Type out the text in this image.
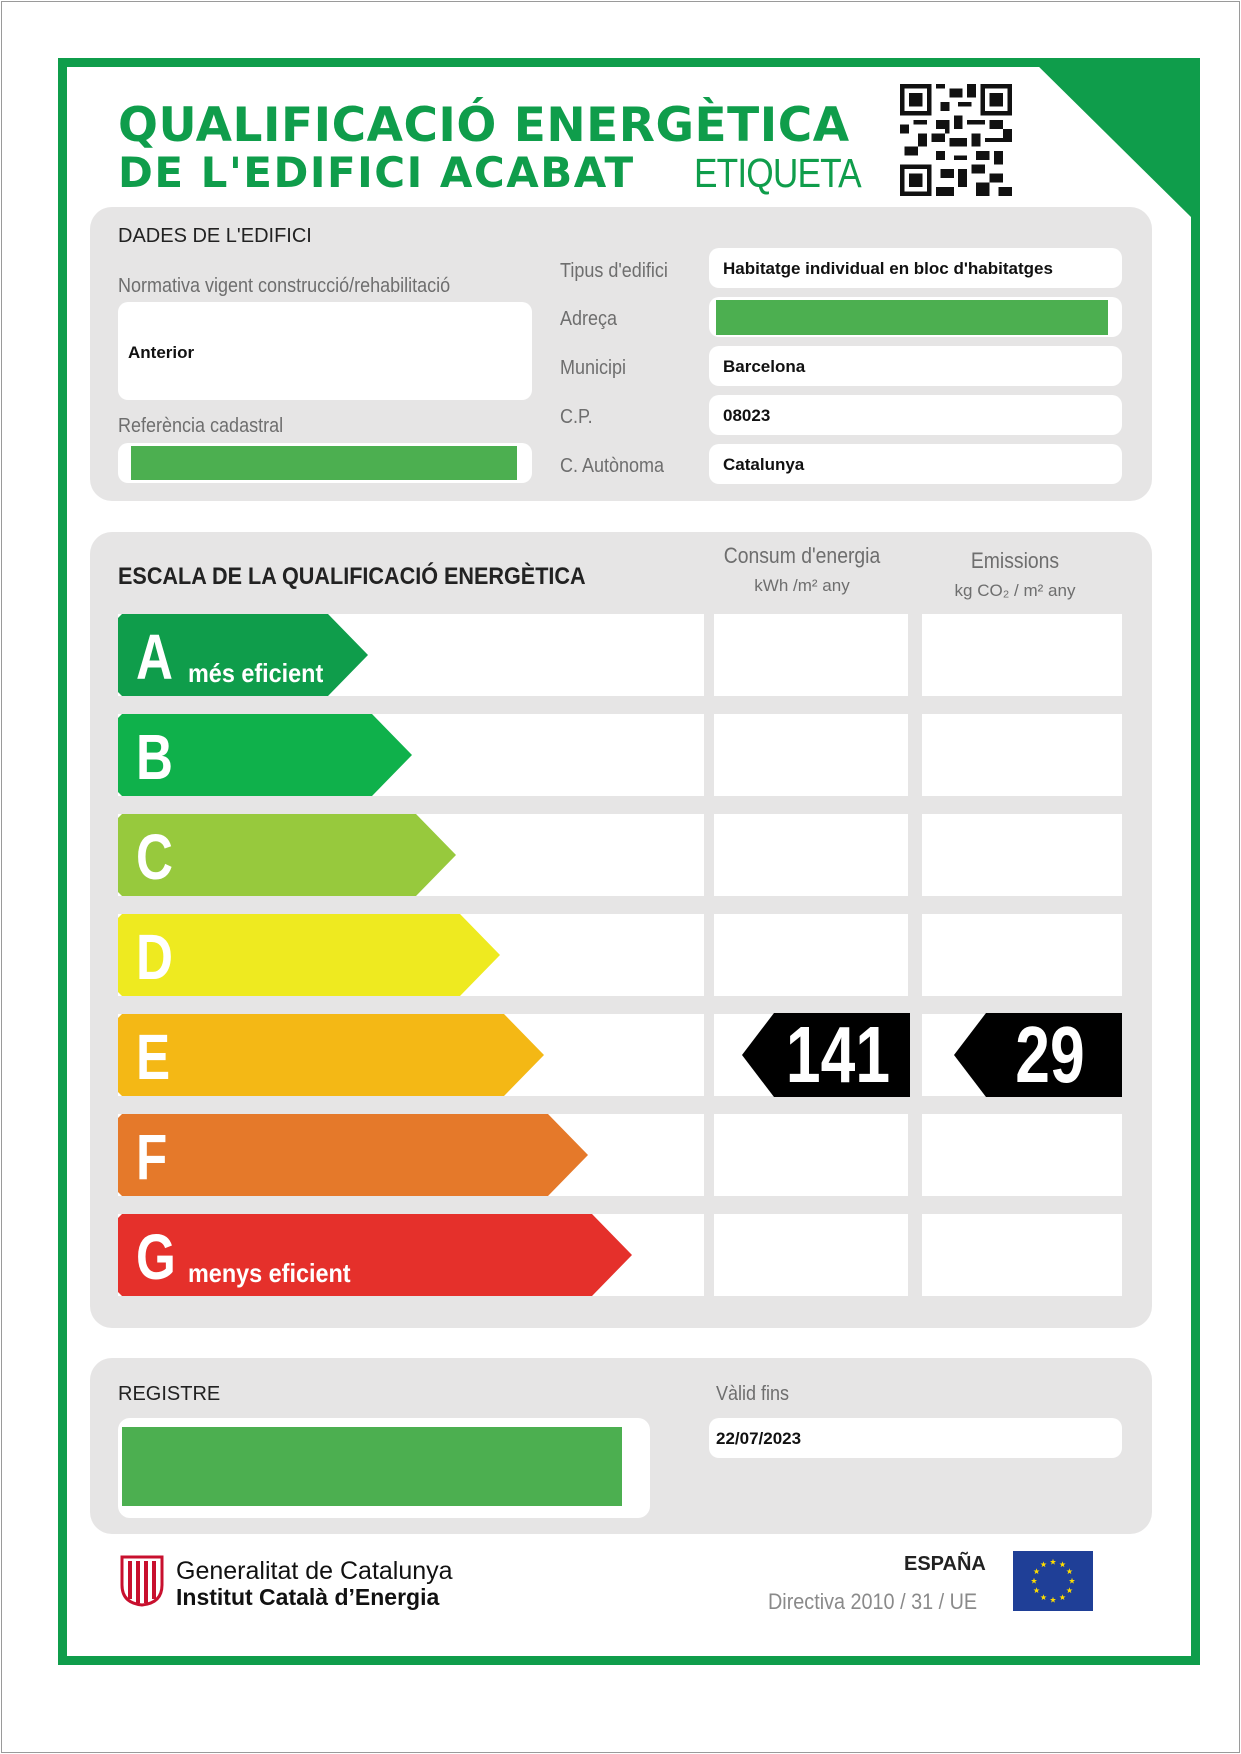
QUALIFICACIÓ ENERGÈTICA
DE L'EDIFICI ACABAT ETIQUETA
DADES DE L'EDIFICI
Normativa vigent construcció/rehabilitació
Anterior
Referència cadastral
Tipus d'edifici	Habitatge individual en bloc d'habitatges
Adreça
Municipi	Barcelona
C.P.	08023
C. Autònoma	Catalunya
ESCALA DE LA QUALIFICACIÓ ENERGÈTICA
Consum d'energia
kWh /m² any
Emissions
kg CO₂ / m² any
A més eficient
B
C
D
E	141 29
F
G menys eficient
REGISTRE	Vàlid fins
22/07/2023
Generalitat de Catalunya
Institut Català d’Energia
ESPAÑA
Directiva 2010 / 31 / UE
